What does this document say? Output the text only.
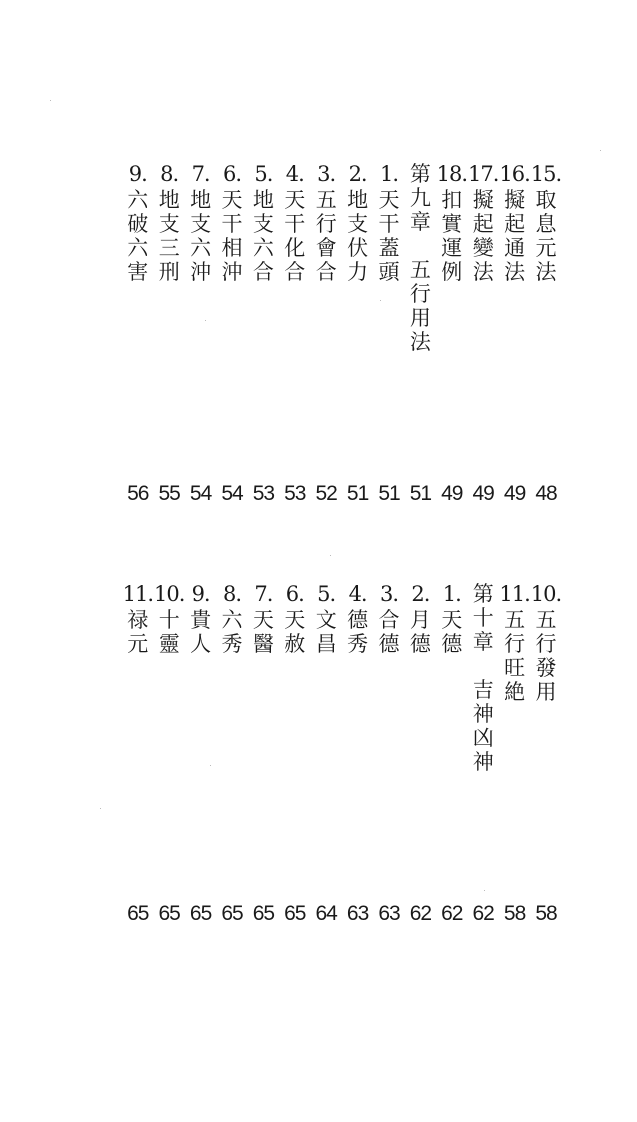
15.
取
息
元
法
48
16.
擬
起
通
法
49
17.
擬
起
變
法
49
18.
扣
實
運
例
49
第
九
章
五
行
用
法
51
1.
天
干
蓋
頭
51
2.
地
支
伏
力
51
3.
五
行
會
合
52
4.
天
干
化
合
53
5.
地
支
六
合
53
6.
天
干
相
沖
54
7.
地
支
六
沖
54
8.
地
支
三
刑
55
9.
六
破
六
害
56
10.
五
行
發
用
58
11.
五
行
旺
絶
58
第
十
章
吉
神
凶
神
62
1.
天
德
62
2.
月
德
62
3.
合
德
63
4.
德
秀
63
5.
文
昌
64
6.
天
赦
65
7.
天
醫
65
8.
六
秀
65
9.
貴
人
65
10.
十
靈
65
11.
禄
元
65
